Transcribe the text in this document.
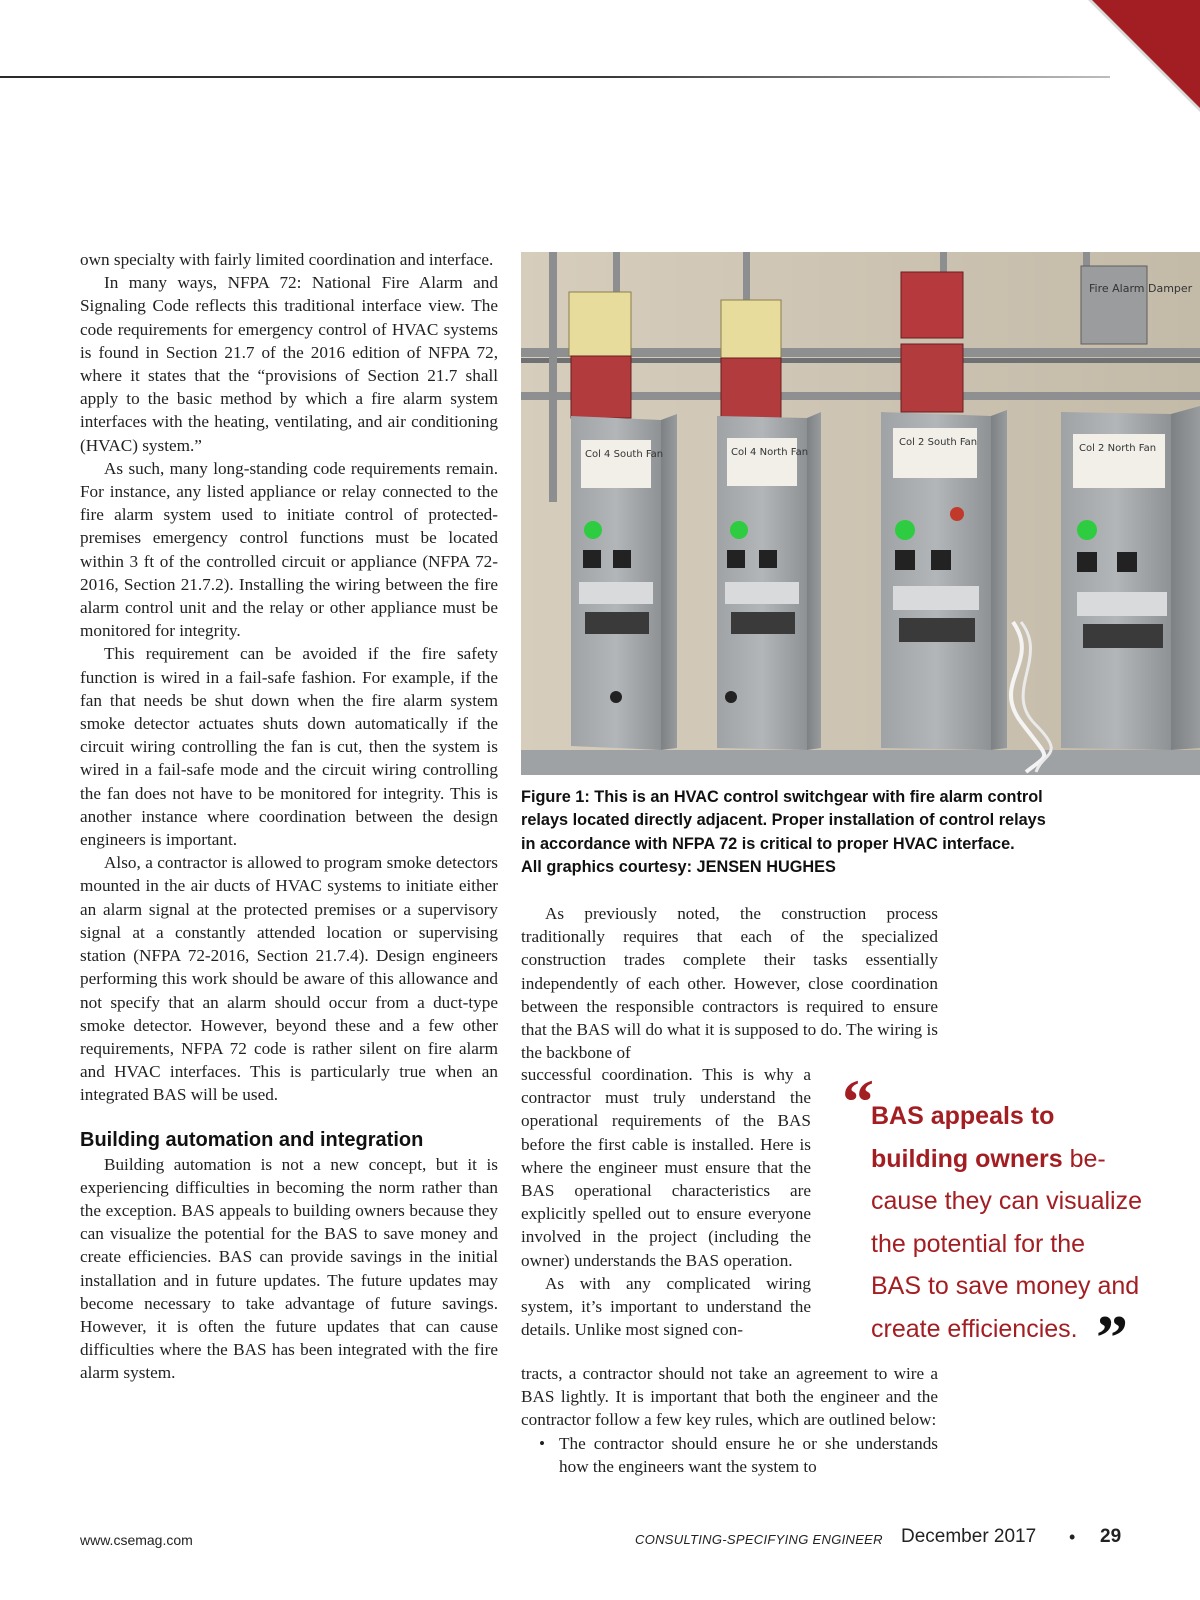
own specialty with fairly limited coordination and interface.

In many ways, NFPA 72: National Fire Alarm and Signaling Code reflects this traditional interface view. The code requirements for emergency control of HVAC systems is found in Section 21.7 of the 2016 edition of NFPA 72, where it states that the “provisions of Section 21.7 shall apply to the basic method by which a fire alarm system interfaces with the heating, ventilating, and air conditioning (HVAC) system.”

As such, many long-standing code requirements remain. For instance, any listed appliance or relay connected to the fire alarm system used to initiate control of protected-premises emergency control functions must be located within 3 ft of the controlled circuit or appliance (NFPA 72-2016, Section 21.7.2). Installing the wiring between the fire alarm control unit and the relay or other appliance must be monitored for integrity.

This requirement can be avoided if the fire safety function is wired in a fail-safe fashion. For example, if the fan that needs be shut down when the fire alarm system smoke detector actuates shuts down automatically if the circuit wiring controlling the fan is cut, then the system is wired in a fail-safe mode and the circuit wiring controlling the fan does not have to be monitored for integrity. This is another instance where coordination between the design engineers is important.

Also, a contractor is allowed to program smoke detectors mounted in the air ducts of HVAC systems to initiate either an alarm signal at the protected premises or a supervisory signal at a constantly attended location or supervising station (NFPA 72-2016, Section 21.7.4). Design engineers performing this work should be aware of this allowance and not specify that an alarm should occur from a duct-type smoke detector. However, beyond these and a few other requirements, NFPA 72 code is rather silent on fire alarm and HVAC interfaces. This is particularly true when an integrated BAS will be used.

Building automation and integration

Building automation is not a new concept, but it is experiencing difficulties in becoming the norm rather than the exception. BAS appeals to building owners because they can visualize the potential for the BAS to save money and create efficiencies. BAS can provide savings in the initial installation and in future updates. The future updates may become necessary to take advantage of future savings. However, it is often the future updates that can cause difficulties where the BAS has been integrated with the fire alarm system.

Fire Alarm Damper
Col 4 South Fan	Col 4 North Fan
Col 2 South Fan
Col 2 North Fan
Figure 1: This is an HVAC control switchgear with fire alarm control
relays located directly adjacent. Proper installation of control relays
in accordance with NFPA 72 is critical to proper HVAC interface.
All graphics courtesy: JENSEN HUGHES

As previously noted, the construction process traditionally requires that each of the specialized construction trades complete their tasks essentially independently of each other. However, close coordination between the responsible contractors is required to ensure that the BAS will do what it is supposed to do. The wiring is the backbone of

successful coordination. This is why a contractor must truly understand the operational requirements of the BAS before the first cable is installed. Here is where the engineer must ensure that the BAS operational characteristics are explicitly spelled out to ensure everyone involved in the project (including the owner) understands the BAS operation.

As with any complicated wiring system, it’s important to understand the details. Unlike most signed con-

tracts, a contractor should not take an agreement to wire a BAS lightly. It is important that both the engineer and the contractor follow a few key rules, which are outlined below:

• The contractor should ensure he or she understands how the engineers want the system to
“
BAS appeals to
building owners be-
cause they can visualize
the potential for the
BAS to save money and
create efficiencies. ”
www.csemag.com	CONSULTING-SPECIFYING ENGINEER December 2017 • 29
